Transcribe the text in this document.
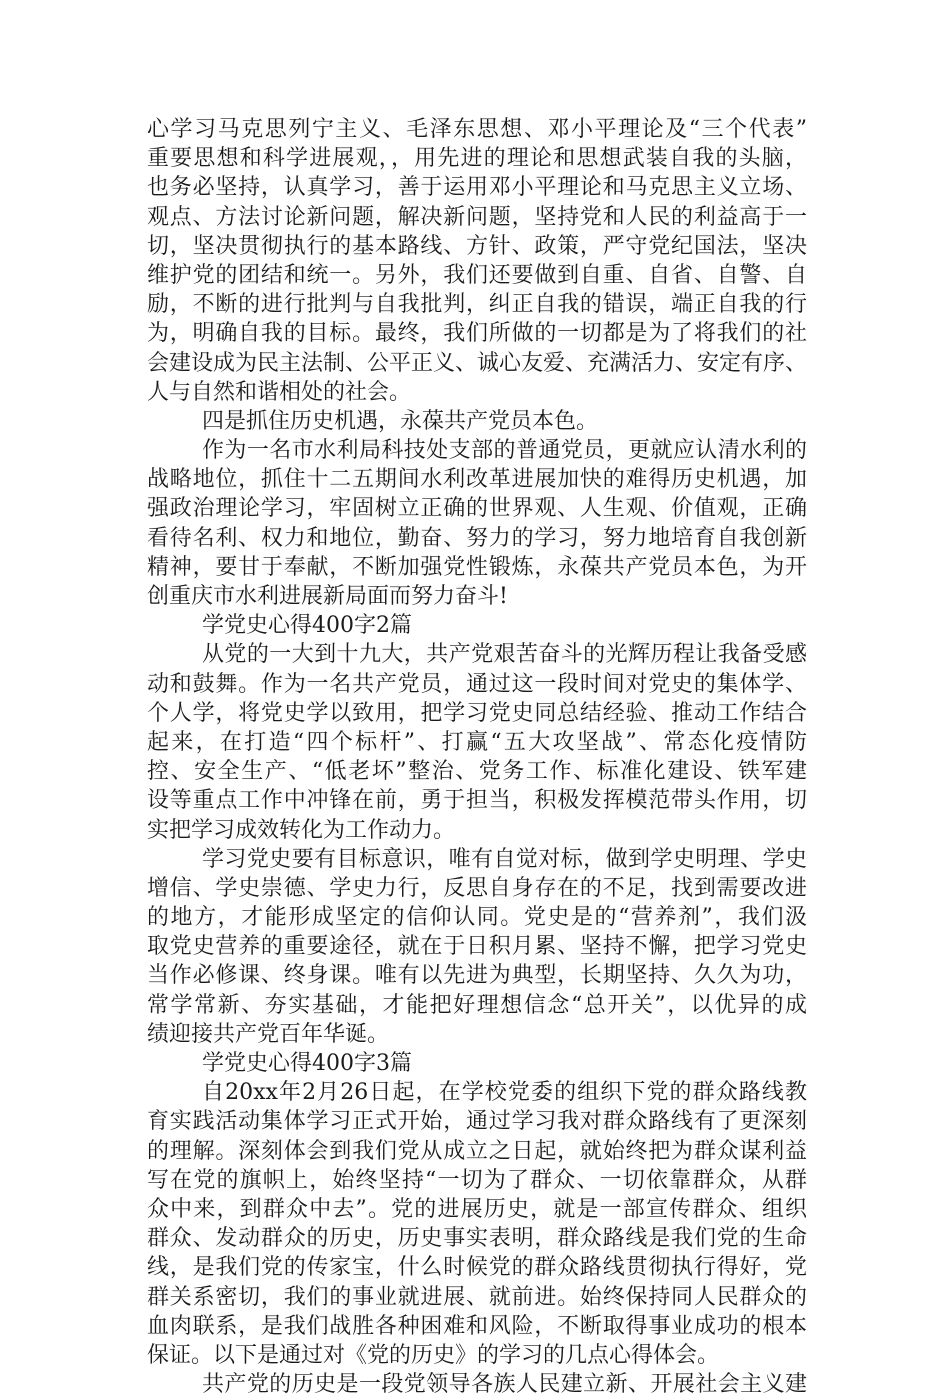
心学习马克思列宁主义、毛泽东思想、邓小平理论及“三个代表”
重要思想和科学进展观，，用先进的理论和思想武装自我的头脑，
也务必坚持，认真学习，善于运用邓小平理论和马克思主义立场、
观点、方法讨论新问题，解决新问题，坚持党和人民的利益高于一
切，坚决贯彻执行的基本路线、方针、政策，严守党纪国法，坚决
维护党的团结和统一。另外，我们还要做到自重、自省、自警、自
励，不断的进行批判与自我批判，纠正自我的错误，端正自我的行
为，明确自我的目标。最终，我们所做的一切都是为了将我们的社
会建设成为民主法制、公平正义、诚心友爱、充满活力、安定有序、
人与自然和谐相处的社会。
四是抓住历史机遇，永葆共产党员本色。
作为一名市水利局科技处支部的普通党员，更就应认清水利的
战略地位，抓住十二五期间水利改革进展加快的难得历史机遇，加
强政治理论学习，牢固树立正确的世界观、人生观、价值观，正确
看待名利、权力和地位，勤奋、努力的学习，努力地培育自我创新
精神，要甘于奉献，不断加强党性锻炼，永葆共产党员本色，为开
创重庆市水利进展新局面而努力奋斗!
学党史心得400字2篇
从党的一大到十九大，共产党艰苦奋斗的光辉历程让我备受感
动和鼓舞。作为一名共产党员，通过这一段时间对党史的集体学、
个人学，将党史学以致用，把学习党史同总结经验、推动工作结合
起来，在打造“四个标杆”、打赢“五大攻坚战”、常态化疫情防
控、安全生产、“低老坏”整治、党务工作、标准化建设、铁军建
设等重点工作中冲锋在前，勇于担当，积极发挥模范带头作用，切
实把学习成效转化为工作动力。
学习党史要有目标意识，唯有自觉对标，做到学史明理、学史
增信、学史崇德、学史力行，反思自身存在的不足，找到需要改进
的地方，才能形成坚定的信仰认同。党史是的“营养剂”，我们汲
取党史营养的重要途径，就在于日积月累、坚持不懈，把学习党史
当作必修课、终身课。唯有以先进为典型，长期坚持、久久为功，
常学常新、夯实基础，才能把好理想信念“总开关”，以优异的成
绩迎接共产党百年华诞。
学党史心得400字3篇
自20xx年2月26日起，在学校党委的组织下党的群众路线教
育实践活动集体学习正式开始，通过学习我对群众路线有了更深刻
的理解。深刻体会到我们党从成立之日起，就始终把为群众谋利益
写在党的旗帜上，始终坚持“一切为了群众、一切依靠群众，从群
众中来，到群众中去”。党的进展历史，就是一部宣传群众、组织
群众、发动群众的历史，历史事实表明，群众路线是我们党的生命
线，是我们党的传家宝，什么时候党的群众路线贯彻执行得好，党
群关系密切，我们的事业就进展、就前进。始终保持同人民群众的
血肉联系，是我们战胜各种困难和风险，不断取得事业成功的根本
保证。以下是通过对《党的历史》的学习的几点心得体会。
共产党的历史是一段党领导各族人民建立新、开展社会主义建
